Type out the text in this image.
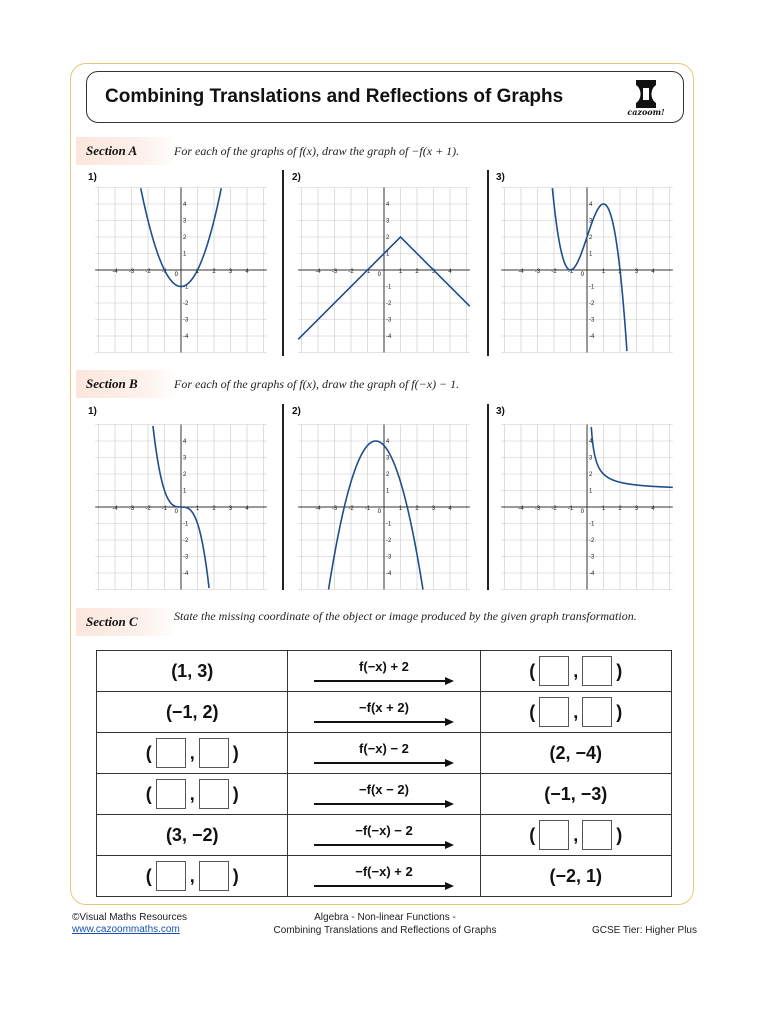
Combining Translations and Reflections of Graphs
cazoom!
Section A	For each of the graphs of f(x), draw the graph of −f(x + 1).
1)	2)	3)
-4 -3 -2 -1	1 2 3 4
0
4
3
2
1
-1
-2
-3
-4
-4 -3 -2 -1	1 2 3 4
0
4
3
2
1
-1
-2
-3
-4
-4 -3 -2 -1	1 2 3 4
0
4
3
2
1
-1
-2
-3
-4
Section B	For each of the graphs of f(x), draw the graph of f(−x) − 1.
1)	2)	3)
-4 -3 -2 -1	1 2 3 4
0
4
3
2
1
-1
-2
-3
-4
-4 -3 -2 -1	1 2 3 4
0
4
3
2
1
-1
-2
-3
-4
-4 -3 -2 -1	1 2 3 4
0
4
3
2
1
-1
-2
-3
-4
Section C	State the missing coordinate of the object or image produced by the given graph transformation.
(1, 3)	f(−x) + 2	( , )

(−1, 2)	−f(x + 2)	( , )

( , )	f(−x) − 2	(2, −4)

( , )	−f(x − 2)	(−1, −3)
(3, −2)	−f(−x) − 2	( , )

( , )	−f(−x) + 2	(−2, 1)
©Visual Maths Resources
www.cazoommaths.com
Algebra - Non-linear Functions -
Combining Translations and Reflections of Graphs	GCSE Tier: Higher Plus
